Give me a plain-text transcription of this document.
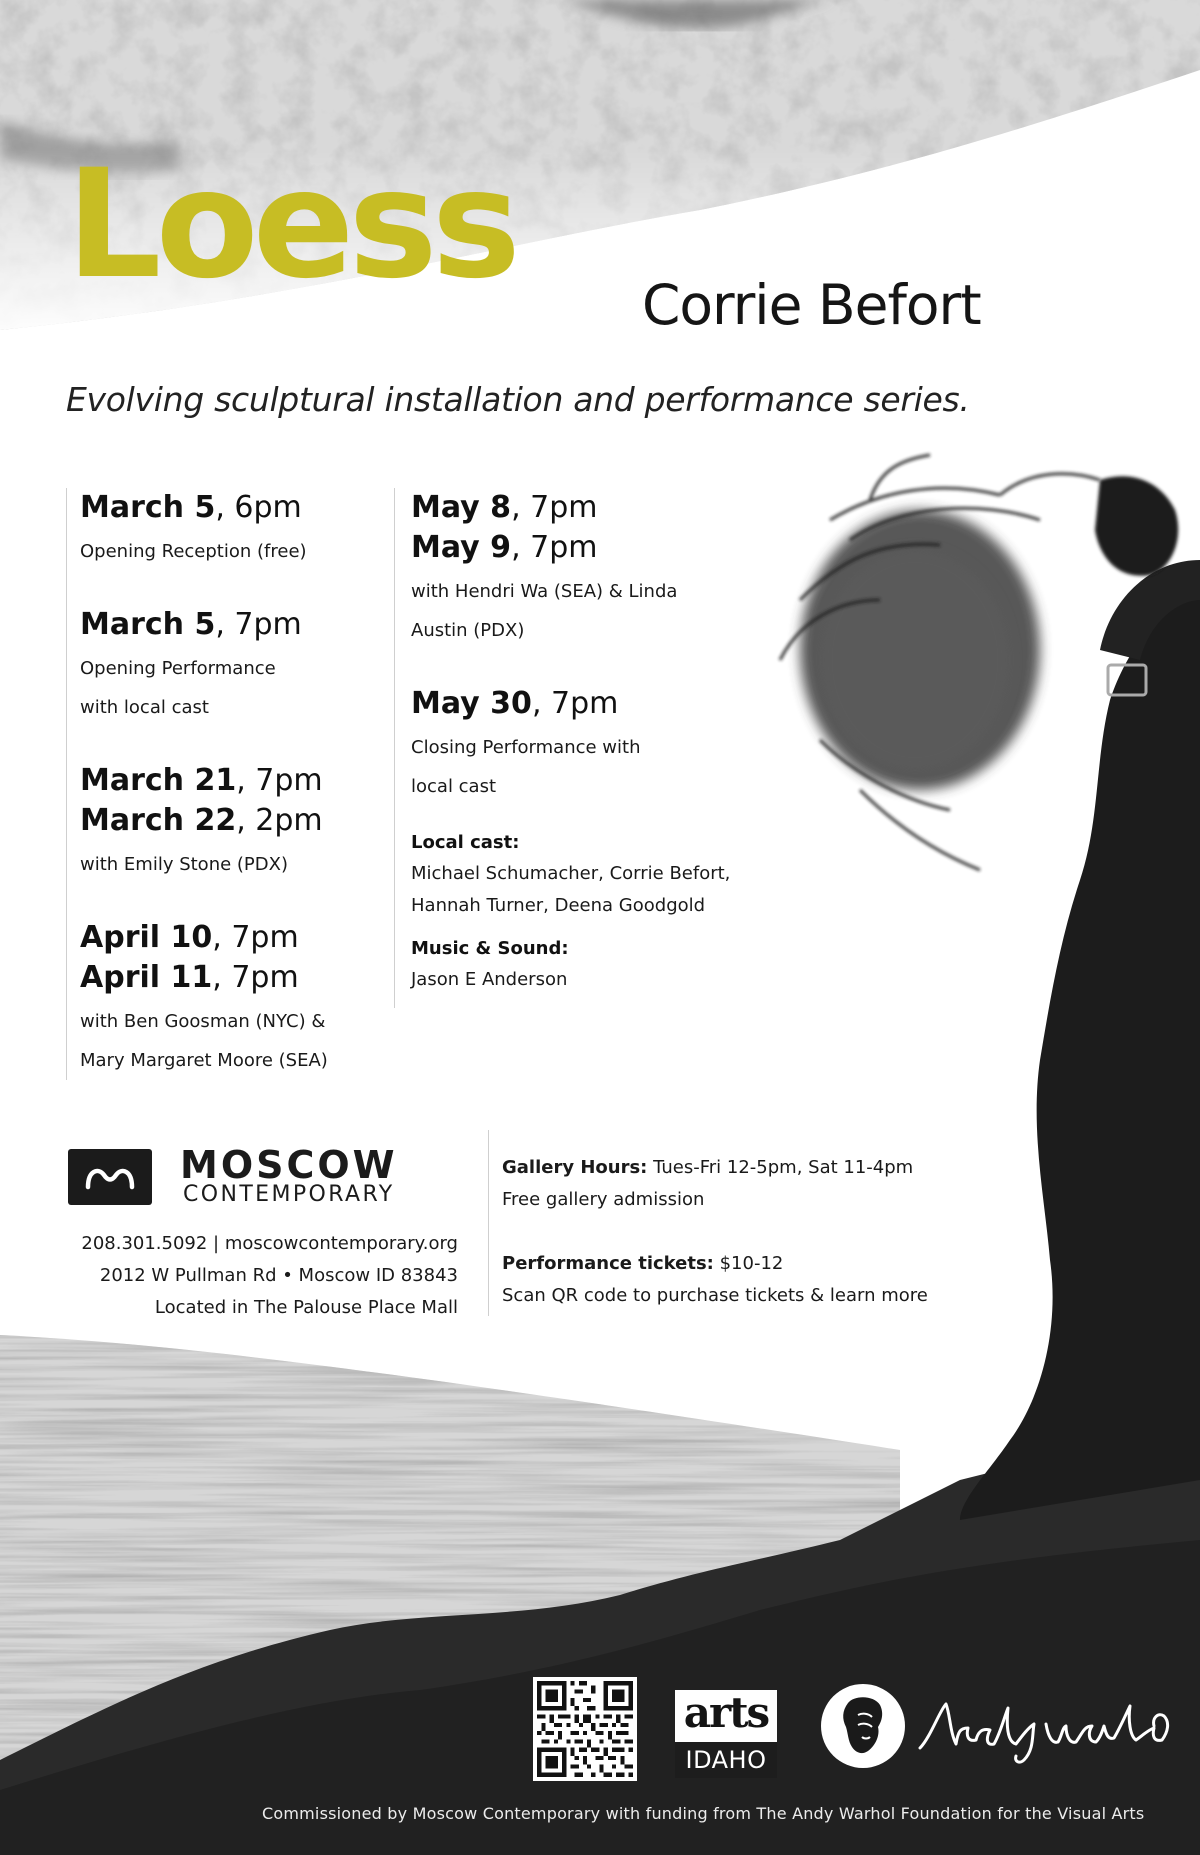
Loess Corrie Befort
Evolving sculptural installation and performance series.
March 5, 6pm
Opening Reception (free)
March 5, 7pm
Opening Performance
with local cast
March 21, 7pm
March 22, 2pm
with Emily Stone (PDX)
April 10, 7pm
April 11, 7pm
with Ben Goosman (NYC) &
Mary Margaret Moore (SEA)
May 8, 7pm
May 9, 7pm
with Hendri Wa (SEA) & Linda
Austin (PDX)
May 30, 7pm
Closing Performance with
local cast
Local cast:
Michael Schumacher, Corrie Befort,
Hannah Turner, Deena Goodgold
Music & Sound:
Jason E Anderson
MOSCOW
CONTEMPORARY
208.301.5092 | moscowcontemporary.org
2012 W Pullman Rd • Moscow ID 83843
Located in The Palouse Place Mall
Gallery Hours: Tues-Fri 12-5pm, Sat 11-4pm
Free gallery admission
Performance tickets: $10-12
Scan QR code to purchase tickets & learn more
arts
IDAHO
Commissioned by Moscow Contemporary with funding from The Andy Warhol Foundation for the Visual Arts
